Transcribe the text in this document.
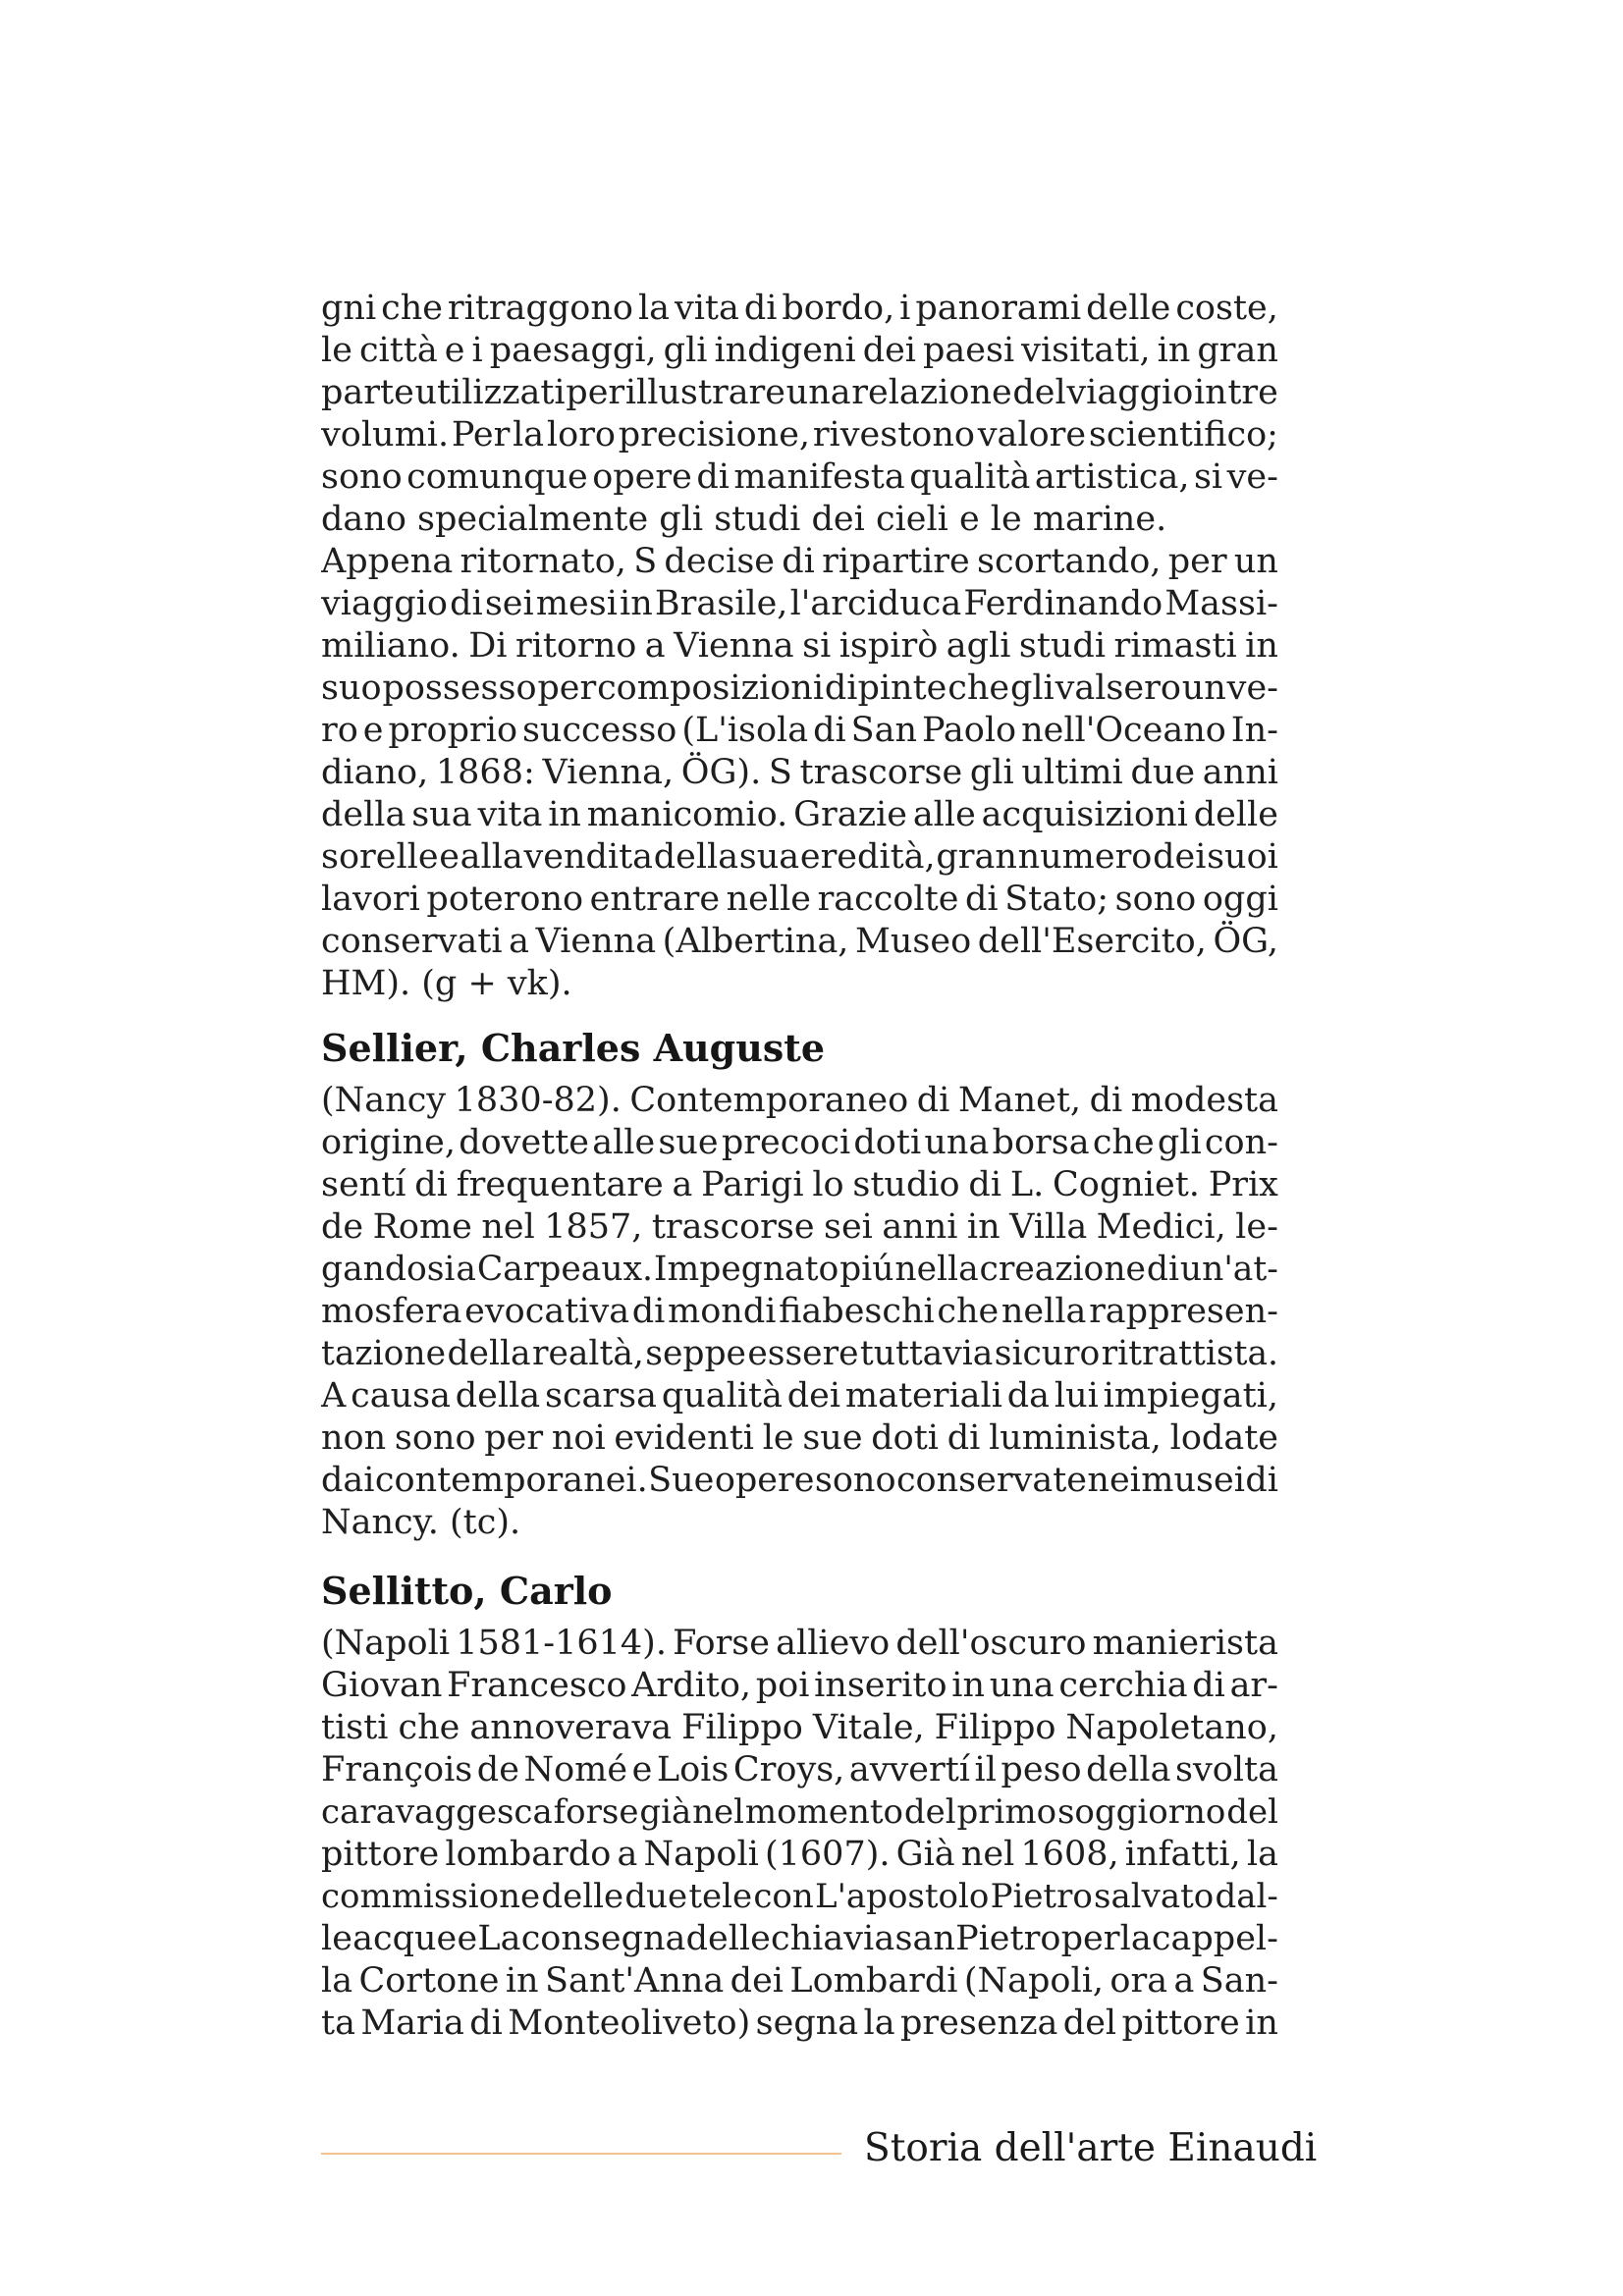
gni che ritraggono la vita di bordo, i panorami delle coste,
le città e i paesaggi, gli indigeni dei paesi visitati, in gran
parte utilizzati per illustrare una relazione del viaggio in tre
volumi. Per la loro precisione, rivestono valore scientifico;
sono comunque opere di manifesta qualità artistica, si ve-
dano specialmente gli studi dei cieli e le marine.
Appena ritornato, S decise di ripartire scortando, per un
viaggio di sei mesi in Brasile, l'arciduca Ferdinando Massi-
miliano. Di ritorno a Vienna si ispirò agli studi rimasti in
suo possesso per composizioni dipinte che gli valsero un ve-
ro e proprio successo (L'isola di San Paolo nell'Oceano In-
diano, 1868: Vienna, ÖG). S trascorse gli ultimi due anni
della sua vita in manicomio. Grazie alle acquisizioni delle
sorelle e alla vendita della sua eredità, gran numero dei suoi
lavori poterono entrare nelle raccolte di Stato; sono oggi
conservati a Vienna (Albertina, Museo dell'Esercito, ÖG,
HM). (g + vk).
Sellier, Charles Auguste
(Nancy 1830-82). Contemporaneo di Manet, di modesta
origine, dovette alle sue precoci doti una borsa che gli con-
sentí di frequentare a Parigi lo studio di L. Cogniet. Prix
de Rome nel 1857, trascorse sei anni in Villa Medici, le-
gandosi a Carpeaux. Impegnato piú nella creazione di un'at-
mosfera evocativa di mondi fiabeschi che nella rappresen-
tazione della realtà, seppe essere tuttavia sicuro ritrattista.
A causa della scarsa qualità dei materiali da lui impiegati,
non sono per noi evidenti le sue doti di luminista, lodate
dai contemporanei. Sue opere sono conservate nei musei di
Nancy. (tc).
Sellitto, Carlo
(Napoli 1581-1614). Forse allievo dell'oscuro manierista
Giovan Francesco Ardito, poi inserito in una cerchia di ar-
tisti che annoverava Filippo Vitale, Filippo Napoletano,
François de Nomé e Lois Croys, avvertí il peso della svolta
caravaggesca forse già nel momento del primo soggiorno del
pittore lombardo a Napoli (1607). Già nel 1608, infatti, la
commissione delle due tele con L'apostolo Pietro salvato dal-
le acque e La consegna delle chiavi a san Pietro per la cappel-
la Cortone in Sant'Anna dei Lombardi (Napoli, ora a San-
ta Maria di Monteoliveto) segna la presenza del pittore in
Storia dell'arte Einaudi
